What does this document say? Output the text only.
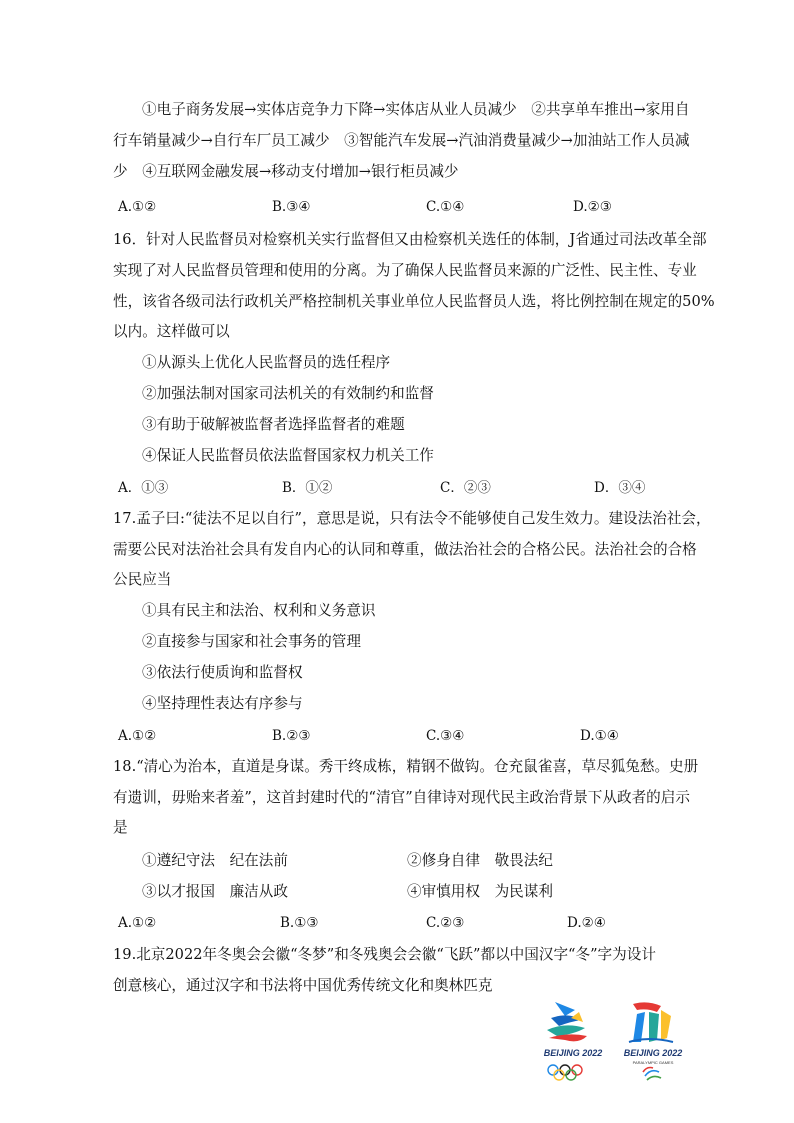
①电子商务发展→实体店竞争力下降→实体店从业人员减少　②共享单车推出→家用自
行车销量减少→自行车厂员工减少　③智能汽车发展→汽油消费量减少→加油站工作人员减
少　④互联网金融发展→移动支付增加→银行柜员减少
A.①②	B.③④	C.①④	D.②③
16．针对人民监督员对检察机关实行监督但又由检察机关选任的体制，J省通过司法改革全部
实现了对人民监督员管理和使用的分离。为了确保人民监督员来源的广泛性、民主性、专业
性，该省各级司法行政机关严格控制机关事业单位人民监督员人选，将比例控制在规定的50%
以内。这样做可以
①从源头上优化人民监督员的选任程序
②加强法制对国家司法机关的有效制约和监督
③有助于破解被监督者选择监督者的难题
④保证人民监督员依法监督国家权力机关工作
A．①③	B．①②	C．②③	D．③④
17.孟子曰:“徒法不足以自行”，意思是说，只有法令不能够使自己发生效力。建设法治社会，
需要公民对法治社会具有发自内心的认同和尊重，做法治社会的合格公民。法治社会的合格
公民应当
①具有民主和法治、权利和义务意识
②直接参与国家和社会事务的管理
③依法行使质询和监督权
④坚持理性表达有序参与
A.①②	B.②③	C.③④	D.①④
18.“清心为治本，直道是身谋。秀干终成栋，精钢不做钩。仓充鼠雀喜，草尽狐兔愁。史册
有遗训，毋贻来者羞”，这首封建时代的“清官”自律诗对现代民主政治背景下从政者的启示
是
①遵纪守法　纪在法前	②修身自律　敬畏法纪
③以才报国　廉洁从政	④审慎用权　为民谋利
A.①②	B.①③	C.②③	D.②④
19.北京2022年冬奥会会徽“冬梦”和冬残奥会会徽“飞跃”都以中国汉字“冬”字为设计
创意核心，通过汉字和书法将中国优秀传统文化和奥林匹克
BEIJING 2022 BEIJING 2022
PARALYMPIC GAMES
